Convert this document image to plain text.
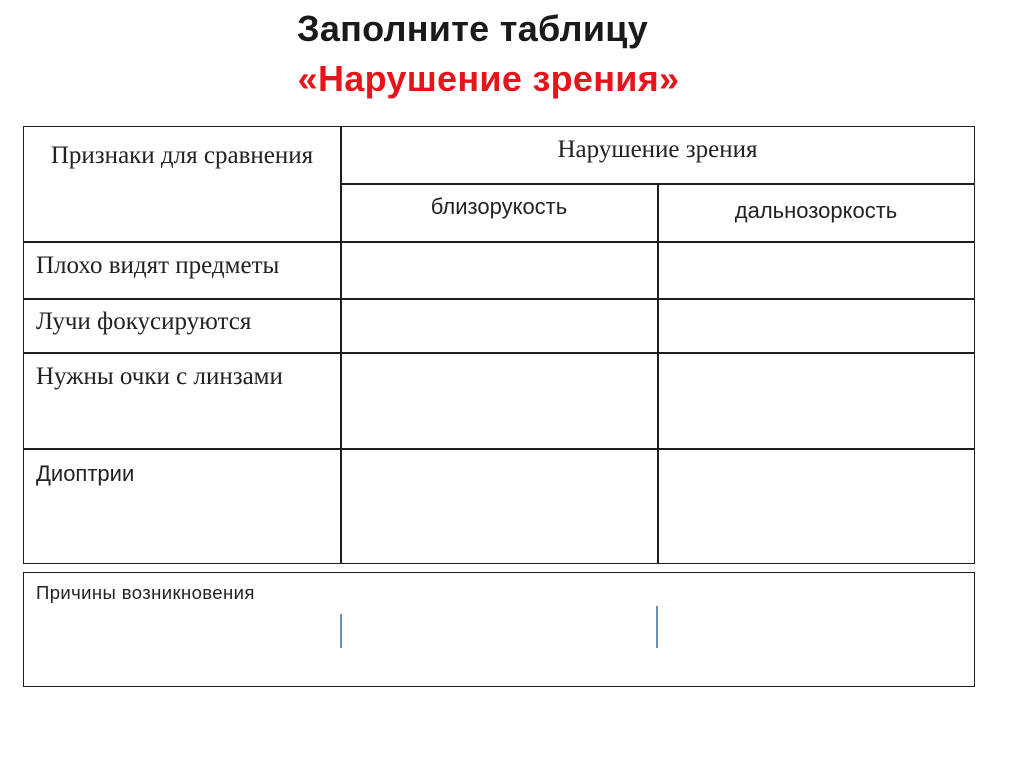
Заполните таблицу
«Нарушение зрения»
Признаки для сравнения	Нарушение зрения
близорукость	дальнозоркость
Плохо видят предметы
Лучи фокусируются
Нужны очки с линзами
Диоптрии
Причины возникновения
